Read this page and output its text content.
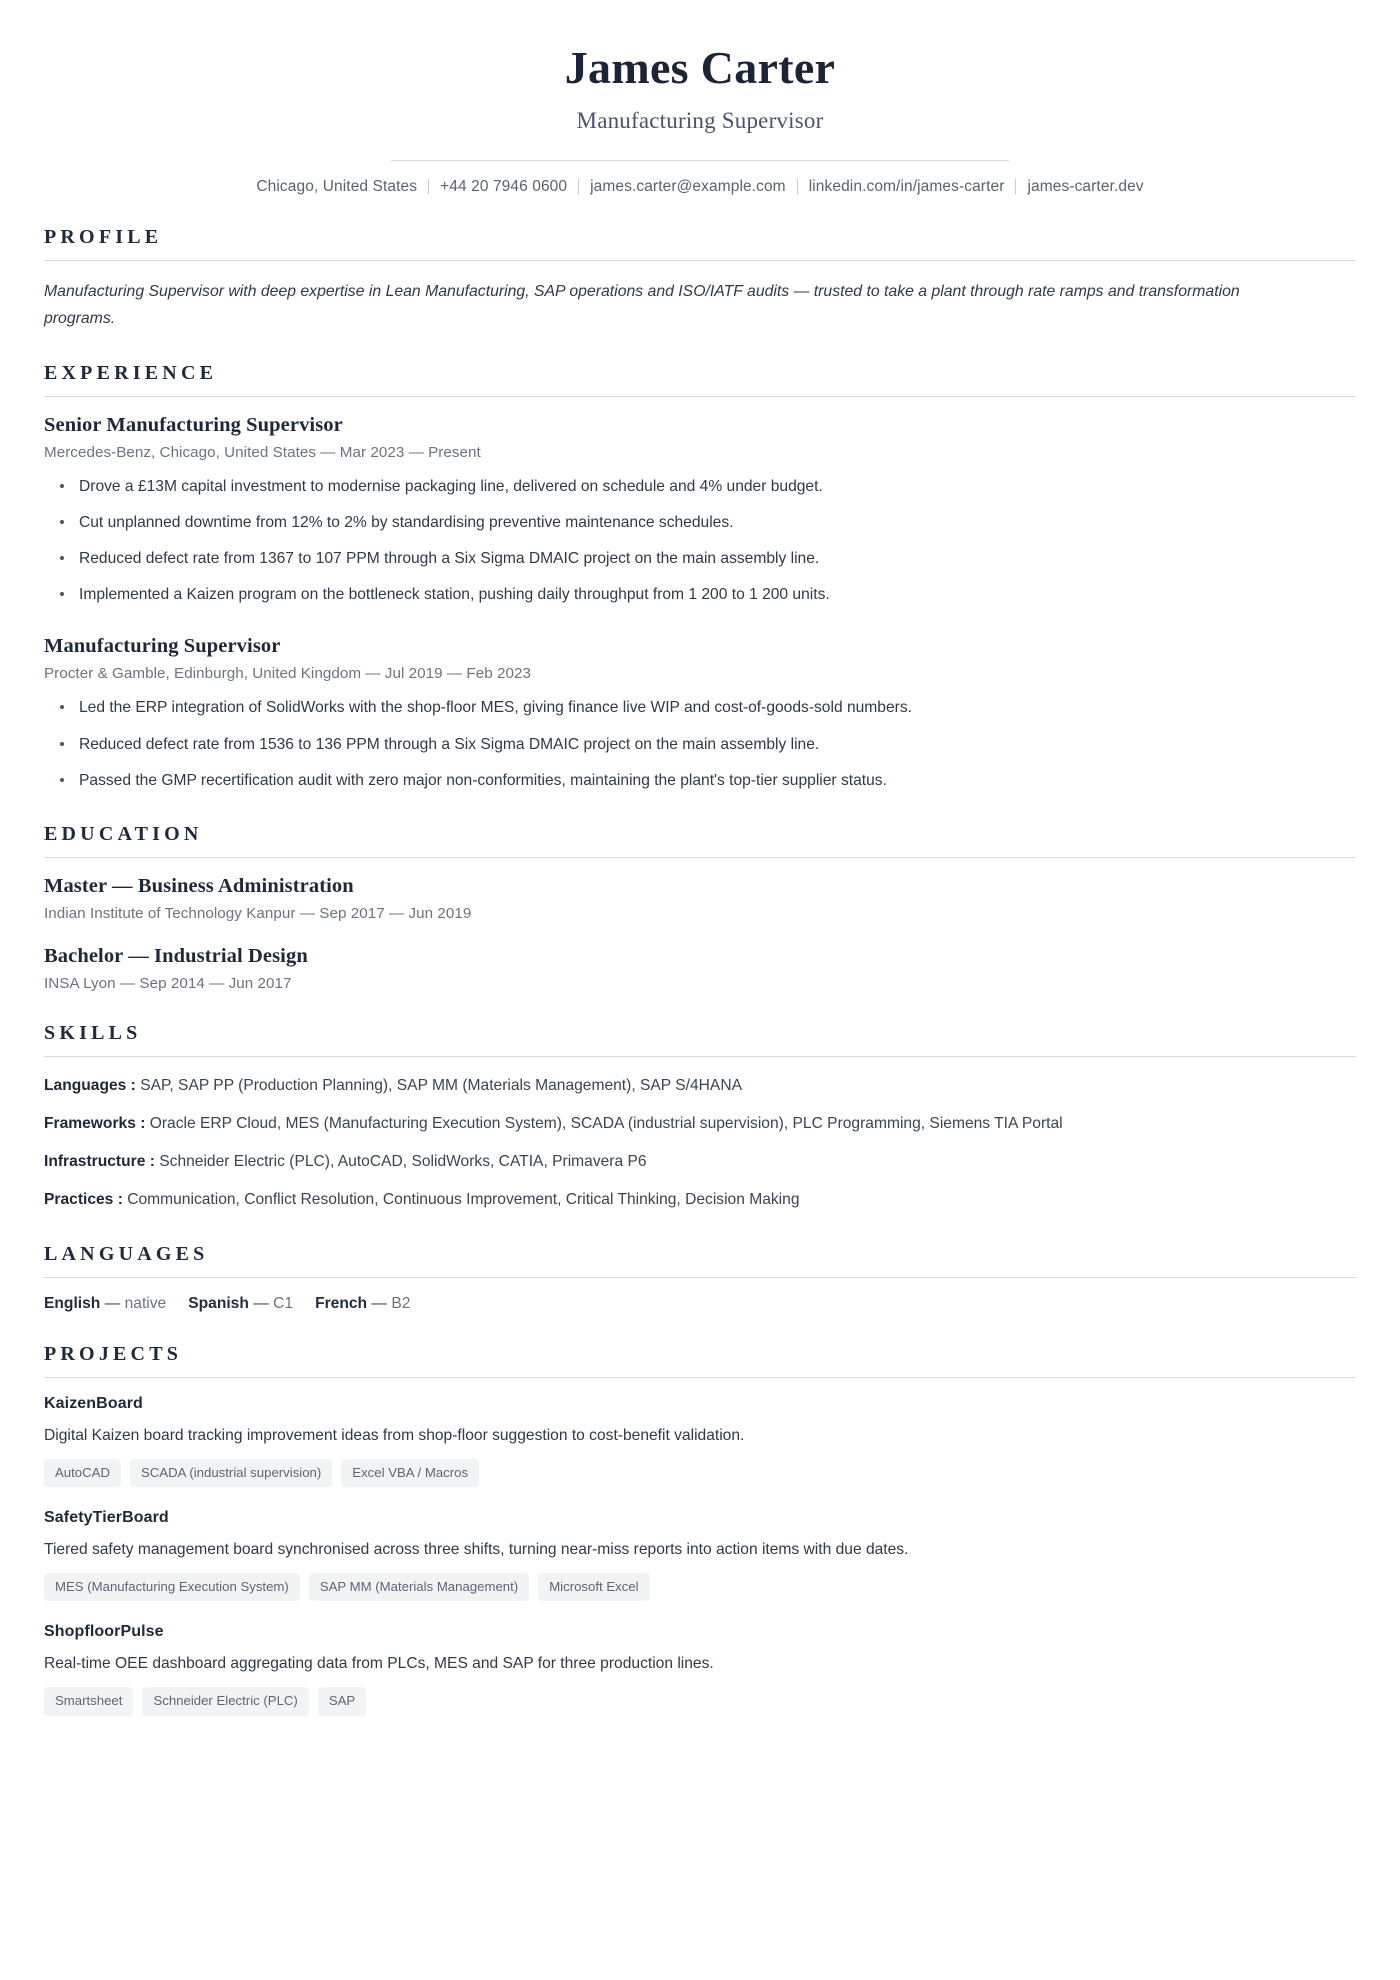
James Carter
Manufacturing Supervisor
Chicago, United States +44 20 7946 0600 james.carter@example.com linkedin.com/in/james-carter james-carter.dev
PROFILE
Manufacturing Supervisor with deep expertise in Lean Manufacturing, SAP operations and ISO/IATF audits — trusted to take a plant through rate ramps and transformation programs.
EXPERIENCE
Senior Manufacturing Supervisor
Mercedes-Benz, Chicago, United States — Mar 2023 — Present
Drove a £13M capital investment to modernise packaging line, delivered on schedule and 4% under budget.
Cut unplanned downtime from 12% to 2% by standardising preventive maintenance schedules.
Reduced defect rate from 1367 to 107 PPM through a Six Sigma DMAIC project on the main assembly line.
Implemented a Kaizen program on the bottleneck station, pushing daily throughput from 1 200 to 1 200 units.
Manufacturing Supervisor
Procter & Gamble, Edinburgh, United Kingdom — Jul 2019 — Feb 2023
Led the ERP integration of SolidWorks with the shop-floor MES, giving finance live WIP and cost-of-goods-sold numbers.
Reduced defect rate from 1536 to 136 PPM through a Six Sigma DMAIC project on the main assembly line.
Passed the GMP recertification audit with zero major non-conformities, maintaining the plant's top-tier supplier status.
EDUCATION
Master — Business Administration
Indian Institute of Technology Kanpur — Sep 2017 — Jun 2019
Bachelor — Industrial Design
INSA Lyon — Sep 2014 — Jun 2017
SKILLS
Languages : SAP, SAP PP (Production Planning), SAP MM (Materials Management), SAP S/4HANA
Frameworks : Oracle ERP Cloud, MES (Manufacturing Execution System), SCADA (industrial supervision), PLC Programming, Siemens TIA Portal
Infrastructure : Schneider Electric (PLC), AutoCAD, SolidWorks, CATIA, Primavera P6
Practices : Communication, Conflict Resolution, Continuous Improvement, Critical Thinking, Decision Making
LANGUAGES
English — native Spanish — C1 French — B2
PROJECTS
KaizenBoard
Digital Kaizen board tracking improvement ideas from shop-floor suggestion to cost-benefit validation.
AutoCAD	SCADA (industrial supervision)	Excel VBA / Macros
SafetyTierBoard
Tiered safety management board synchronised across three shifts, turning near-miss reports into action items with due dates.
MES (Manufacturing Execution System)	SAP MM (Materials Management)	Microsoft Excel
ShopfloorPulse
Real-time OEE dashboard aggregating data from PLCs, MES and SAP for three production lines.
Smartsheet	Schneider Electric (PLC)	SAP
